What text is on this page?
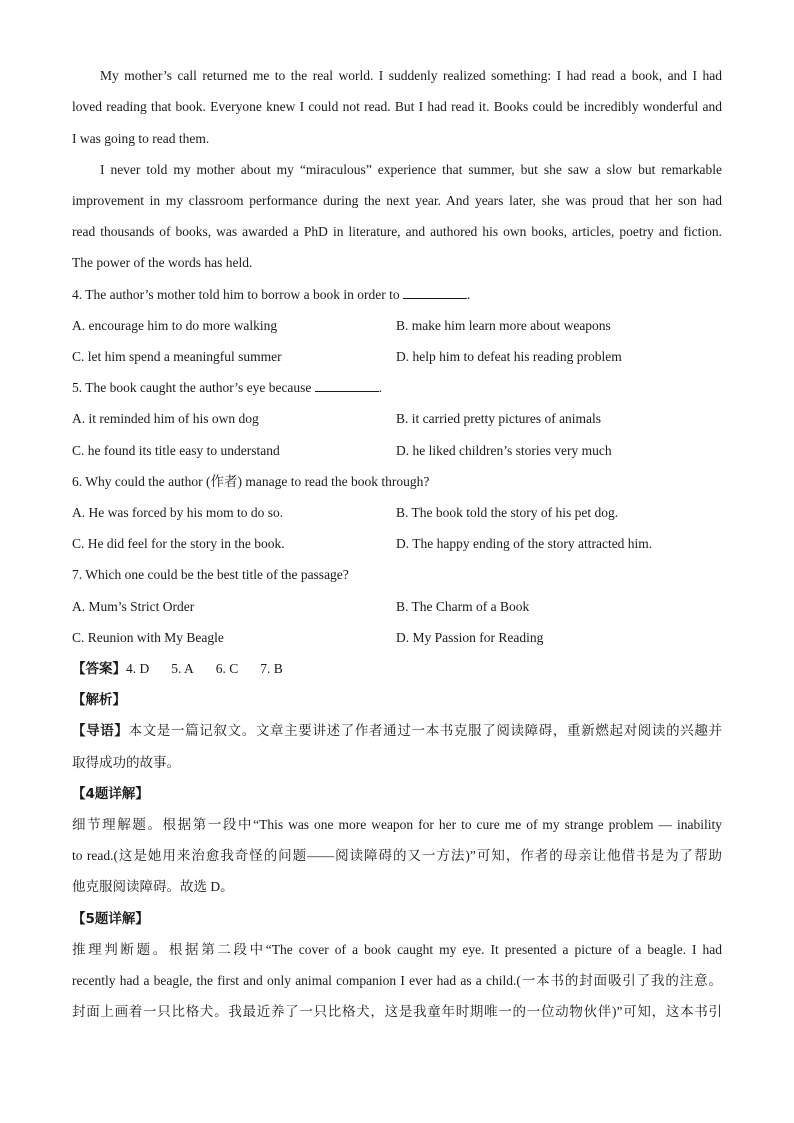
My mother’s call returned me to the real world. I suddenly realized something: I had read a book, and I had
loved reading that book. Everyone knew I could not read. But I had read it. Books could be incredibly wonderful and
I was going to read them.
I never told my mother about my “miraculous” experience that summer, but she saw a slow but remarkable
improvement in my classroom performance during the next year. And years later, she was proud that her son had
read thousands of books, was awarded a PhD in literature, and authored his own books, articles, poetry and fiction.
The power of the words has held.
4. The author’s mother told him to borrow a book in order to	.
A. encourage him to do more walking	B. make him learn more about weapons
C. let him spend a meaningful summer	D. help him to defeat his reading problem
5. The book caught the author’s eye because	.
A. it reminded him of his own dog	B. it carried pretty pictures of animals
C. he found its title easy to understand	D. he liked children’s stories very much
6. Why could the author (作者) manage to read the book through?
A. He was forced by his mom to do so.	B. The book told the story of his pet dog.
C. He did feel for the story in the book.	D. The happy ending of the story attracted him.
7. Which one could be the best title of the passage?
A. Mum’s Strict Order	B. The Charm of a Book
C. Reunion with My Beagle	D. My Passion for Reading
【答案】4. D 5. A 6. C 7. B
【解析】
【导语】本文是一篇记叙文。文章主要讲述了作者通过一本书克服了阅读障碍，重新燃起对阅读的兴趣并
取得成功的故事。
【4题详解】
细节理解题。根据第一段中“This was one more weapon for her to cure me of my strange problem — inability
to read.(这是她用来治愈我奇怪的问题——阅读障碍的又一方法)”可知，作者的母亲让他借书是为了帮助
他克服阅读障碍。故选 D。
【5题详解】
推理判断题。根据第二段中“The cover of a book caught my eye. It presented a picture of a beagle. I had
recently had a beagle, the first and only animal companion I ever had as a child.(一本书的封面吸引了我的注意。
封面上画着一只比格犬。我最近养了一只比格犬，这是我童年时期唯一的一位动物伙伴)”可知，这本书引
